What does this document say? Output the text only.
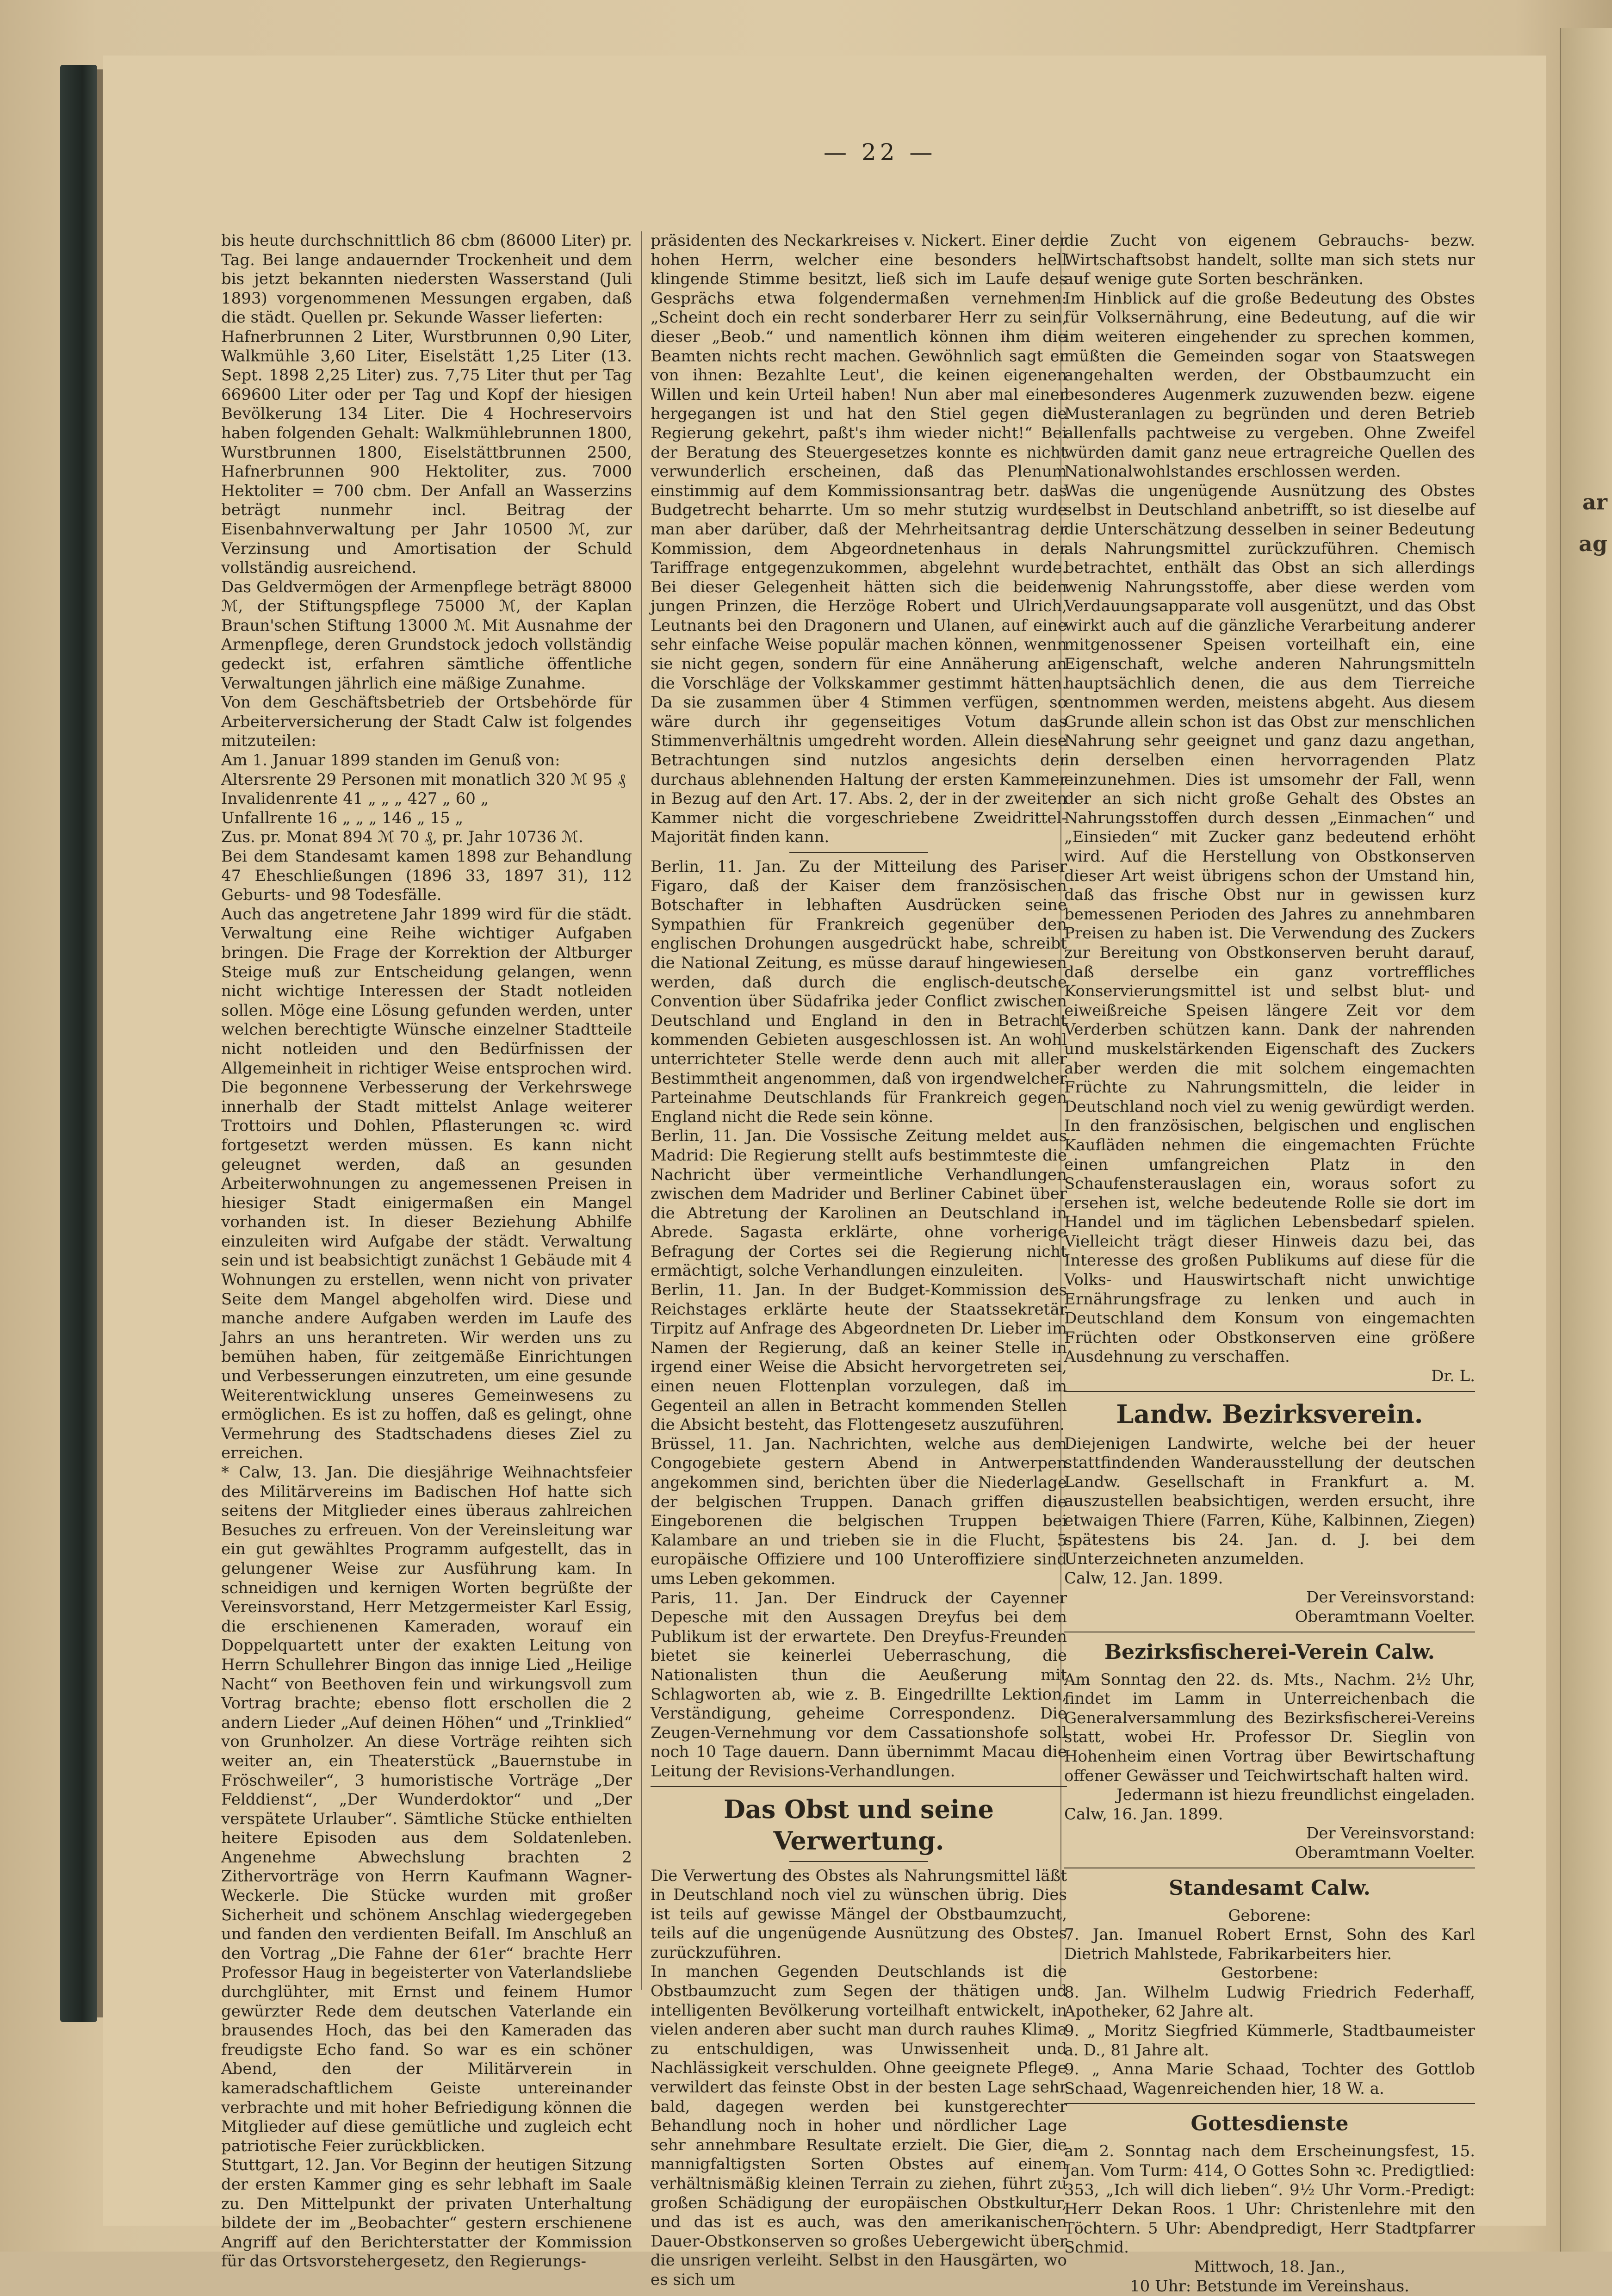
ar
ag
— 22 —

bis heute durchschnittlich 86 cbm (86000 Liter) pr. Tag. Bei lange andauernder Trockenheit und dem bis jetzt bekannten niedersten Wasserstand (Juli 1893) vorgenommenen Messungen ergaben, daß die städt. Quellen pr. Sekunde Wasser lieferten:
Hafnerbrunnen 2 Liter, Wurstbrunnen 0,90 Liter, Walkmühle 3,60 Liter, Eiselstätt 1,25 Liter (13. Sept. 1898 2,25 Liter) zus. 7,75 Liter thut per Tag 669600 Liter oder per Tag und Kopf der hiesigen Bevölkerung 134 Liter. Die 4 Hochreservoirs haben folgenden Gehalt: Walkmühlebrunnen 1800, Wurstbrunnen 1800, Eiselstättbrunnen 2500, Hafnerbrunnen 900 Hektoliter, zus. 7000 Hektoliter = 700 cbm. Der Anfall an Wasserzins beträgt nunmehr incl. Beitrag der Eisenbahnverwaltung per Jahr 10500 ℳ, zur Verzinsung und Amortisation der Schuld vollständig ausreichend.

Das Geldvermögen der Armenpflege beträgt 88000 ℳ, der Stiftungspflege 75000 ℳ, der Kaplan Braun'schen Stiftung 13000 ℳ. Mit Ausnahme der Armenpflege, deren Grundstock jedoch vollständig gedeckt ist, erfahren sämtliche öffentliche Verwaltungen jährlich eine mäßige Zunahme.

Von dem Geschäftsbetrieb der Ortsbehörde für Arbeiterversicherung der Stadt Calw ist folgendes mitzuteilen:

Am 1. Januar 1899 standen im Genuß von:
Altersrente 29 Personen mit monatlich 320 ℳ 95 ₰
Invalidenrente 41 „ „ „ 427 „ 60 „
Unfallrente 16 „ „ „ 146 „ 15 „
Zus. pr. Monat 894 ℳ 70 ₰, pr. Jahr 10736 ℳ.

Bei dem Standesamt kamen 1898 zur Behandlung 47 Eheschließungen (1896 33, 1897 31), 112 Geburts- und 98 Todesfälle.

Auch das angetretene Jahr 1899 wird für die städt. Verwaltung eine Reihe wichtiger Aufgaben bringen. Die Frage der Korrektion der Altburger Steige muß zur Entscheidung gelangen, wenn nicht wichtige Interessen der Stadt notleiden sollen. Möge eine Lösung gefunden werden, unter welchen berechtigte Wünsche einzelner Stadtteile nicht notleiden und den Bedürfnissen der Allgemeinheit in richtiger Weise entsprochen wird. Die begonnene Verbesserung der Verkehrswege innerhalb der Stadt mittelst Anlage weiterer Trottoirs und Dohlen, Pflasterungen ꝛc. wird fortgesetzt werden müssen. Es kann nicht geleugnet werden, daß an gesunden Arbeiterwohnungen zu angemessenen Preisen in hiesiger Stadt einigermaßen ein Mangel vorhanden ist. In dieser Beziehung Abhilfe einzuleiten wird Aufgabe der städt. Verwaltung sein und ist beabsichtigt zunächst 1 Gebäude mit 4 Wohnungen zu erstellen, wenn nicht von privater Seite dem Mangel abgeholfen wird. Diese und manche andere Aufgaben werden im Laufe des Jahrs an uns herantreten. Wir werden uns zu bemühen haben, für zeitgemäße Einrichtungen und Verbesserungen einzutreten, um eine gesunde Weiterentwicklung unseres Gemeinwesens zu ermöglichen. Es ist zu hoffen, daß es gelingt, ohne Vermehrung des Stadtschadens dieses Ziel zu erreichen.

* Calw, 13. Jan. Die diesjährige Weihnachtsfeier des Militärvereins im Badischen Hof hatte sich seitens der Mitglieder eines überaus zahlreichen Besuches zu erfreuen. Von der Vereinsleitung war ein gut gewähltes Programm aufgestellt, das in gelungener Weise zur Ausführung kam. In schneidigen und kernigen Worten begrüßte der Vereinsvorstand, Herr Metzgermeister Karl Essig, die erschienenen Kameraden, worauf ein Doppelquartett unter der exakten Leitung von Herrn Schullehrer Bingon das innige Lied „Heilige Nacht“ von Beethoven fein und wirkungsvoll zum Vortrag brachte; ebenso flott erschollen die 2 andern Lieder „Auf deinen Höhen“ und „Trinklied“ von Grunholzer. An diese Vorträge reihten sich weiter an, ein Theaterstück „Bauernstube in Fröschweiler“, 3 humoristische Vorträge „Der Felddienst“, „Der Wunderdoktor“ und „Der verspätete Urlauber“. Sämtliche Stücke enthielten heitere Episoden aus dem Soldatenleben. Angenehme Abwechslung brachten 2 Zithervorträge von Herrn Kaufmann Wagner-Weckerle. Die Stücke wurden mit großer Sicherheit und schönem Anschlag wiedergegeben und fanden den verdienten Beifall. Im Anschluß an den Vortrag „Die Fahne der 61er“ brachte Herr Professor Haug in begeisterter von Vaterlandsliebe durchglühter, mit Ernst und feinem Humor gewürzter Rede dem deutschen Vaterlande ein brausendes Hoch, das bei den Kameraden das freudigste Echo fand. So war es ein schöner Abend, den der Militärverein in kameradschaftlichem Geiste untereinander verbrachte und mit hoher Befriedigung können die Mitglieder auf diese gemütliche und zugleich echt patriotische Feier zurückblicken.

Stuttgart, 12. Jan. Vor Beginn der heutigen Sitzung der ersten Kammer ging es sehr lebhaft im Saale zu. Den Mittelpunkt der privaten Unterhaltung bildete der im „Beobachter“ gestern erschienene Angriff auf den Berichterstatter der Kommission für das Ortsvorstehergesetz, den Regierungs-

präsidenten des Neckarkreises v. Nickert. Einer der hohen Herrn, welcher eine besonders hell klingende Stimme besitzt, ließ sich im Laufe des Gesprächs etwa folgendermaßen vernehmen: „Scheint doch ein recht sonderbarer Herr zu sein, dieser „Beob.“ und namentlich können ihm die Beamten nichts recht machen. Gewöhnlich sagt er von ihnen: Bezahlte Leut', die keinen eigenen Willen und kein Urteil haben! Nun aber mal einer hergegangen ist und hat den Stiel gegen die Regierung gekehrt, paßt's ihm wieder nicht!“ Bei der Beratung des Steuergesetzes konnte es nicht verwunderlich erscheinen, daß das Plenum einstimmig auf dem Kommissionsantrag betr. das Budgetrecht beharrte. Um so mehr stutzig wurde man aber darüber, daß der Mehrheitsantrag der Kommission, dem Abgeordnetenhaus in der Tariffrage entgegenzukommen, abgelehnt wurde. Bei dieser Gelegenheit hätten sich die beiden jungen Prinzen, die Herzöge Robert und Ulrich, Leutnants bei den Dragonern und Ulanen, auf eine sehr einfache Weise populär machen können, wenn sie nicht gegen, sondern für eine Annäherung an die Vorschläge der Volkskammer gestimmt hätten. Da sie zusammen über 4 Stimmen verfügen, so wäre durch ihr gegenseitiges Votum das Stimmenverhältnis umgedreht worden. Allein diese Betrachtungen sind nutzlos angesichts der durchaus ablehnenden Haltung der ersten Kammer in Bezug auf den Art. 17. Abs. 2, der in der zweiten Kammer nicht die vorgeschriebene Zweidrittel-Majorität finden kann.

Berlin, 11. Jan. Zu der Mitteilung des Pariser Figaro, daß der Kaiser dem französischen Botschafter in lebhaften Ausdrücken seine Sympathien für Frankreich gegenüber den englischen Drohungen ausgedrückt habe, schreibt die National Zeitung, es müsse darauf hingewiesen werden, daß durch die englisch-deutsche Convention über Südafrika jeder Conflict zwischen Deutschland und England in den in Betracht kommenden Gebieten ausgeschlossen ist. An wohl unterrichteter Stelle werde denn auch mit aller Bestimmtheit angenommen, daß von irgendwelcher Parteinahme Deutschlands für Frankreich gegen England nicht die Rede sein könne.

Berlin, 11. Jan. Die Vossische Zeitung meldet aus Madrid: Die Regierung stellt aufs bestimmteste die Nachricht über vermeintliche Verhandlungen zwischen dem Madrider und Berliner Cabinet über die Abtretung der Karolinen an Deutschland in Abrede. Sagasta erklärte, ohne vorherige Befragung der Cortes sei die Regierung nicht ermächtigt, solche Verhandlungen einzuleiten.

Berlin, 11. Jan. In der Budget-Kommission des Reichstages erklärte heute der Staatssekretär Tirpitz auf Anfrage des Abgeordneten Dr. Lieber im Namen der Regierung, daß an keiner Stelle in irgend einer Weise die Absicht hervorgetreten sei, einen neuen Flottenplan vorzulegen, daß im Gegenteil an allen in Betracht kommenden Stellen die Absicht besteht, das Flottengesetz auszuführen.

Brüssel, 11. Jan. Nachrichten, welche aus dem Congogebiete gestern Abend in Antwerpen angekommen sind, berichten über die Niederlage der belgischen Truppen. Danach griffen die Eingeborenen die belgischen Truppen bei Kalambare an und trieben sie in die Flucht, 5 europäische Offiziere und 100 Unteroffiziere sind ums Leben gekommen.

Paris, 11. Jan. Der Eindruck der Cayenner Depesche mit den Aussagen Dreyfus bei dem Publikum ist der erwartete. Den Dreyfus-Freunden bietet sie keinerlei Ueberraschung, die Nationalisten thun die Aeußerung mit Schlagworten ab, wie z. B. Eingedrillte Lektion, Verständigung, geheime Correspondenz. Die Zeugen-Vernehmung vor dem Cassationshofe soll noch 10 Tage dauern. Dann übernimmt Macau die Leitung der Revisions-Verhandlungen.

Das Obst und seine Verwertung.

Die Verwertung des Obstes als Nahrungsmittel läßt in Deutschland noch viel zu wünschen übrig. Dies ist teils auf gewisse Mängel der Obstbaumzucht, teils auf die ungenügende Ausnützung des Obstes zurückzuführen.

In manchen Gegenden Deutschlands ist die Obstbaumzucht zum Segen der thätigen und intelligenten Bevölkerung vorteilhaft entwickelt, in vielen anderen aber sucht man durch rauhes Klima zu entschuldigen, was Unwissenheit und Nachlässigkeit verschulden. Ohne geeignete Pflege verwildert das feinste Obst in der besten Lage sehr bald, dagegen werden bei kunstgerechter Behandlung noch in hoher und nördlicher Lage sehr annehmbare Resultate erzielt. Die Gier, die mannigfaltigsten Sorten Obstes auf einem verhältnismäßig kleinen Terrain zu ziehen, führt zu großen Schädigung der europäischen Obstkultur, und das ist es auch, was den amerikanischen Dauer-Obstkonserven so großes Uebergewicht über die unsrigen verleiht. Selbst in den Hausgärten, wo es sich um

die Zucht von eigenem Gebrauchs- bezw. Wirtschaftsobst handelt, sollte man sich stets nur auf wenige gute Sorten beschränken.

Im Hinblick auf die große Bedeutung des Obstes für Volksernährung, eine Bedeutung, auf die wir im weiteren eingehender zu sprechen kommen, müßten die Gemeinden sogar von Staatswegen angehalten werden, der Obstbaumzucht ein besonderes Augenmerk zuzuwenden bezw. eigene Musteranlagen zu begründen und deren Betrieb allenfalls pachtweise zu vergeben. Ohne Zweifel würden damit ganz neue ertragreiche Quellen des Nationalwohlstandes erschlossen werden.

Was die ungenügende Ausnützung des Obstes selbst in Deutschland anbetrifft, so ist dieselbe auf die Unterschätzung desselben in seiner Bedeutung als Nahrungsmittel zurückzuführen. Chemisch betrachtet, enthält das Obst an sich allerdings wenig Nahrungsstoffe, aber diese werden vom Verdauungsapparate voll ausgenützt, und das Obst wirkt auch auf die gänzliche Verarbeitung anderer mitgenossener Speisen vorteilhaft ein, eine Eigenschaft, welche anderen Nahrungsmitteln hauptsächlich denen, die aus dem Tierreiche entnommen werden, meistens abgeht. Aus diesem Grunde allein schon ist das Obst zur menschlichen Nahrung sehr geeignet und ganz dazu angethan, in derselben einen hervorragenden Platz einzunehmen. Dies ist umsomehr der Fall, wenn der an sich nicht große Gehalt des Obstes an Nahrungsstoffen durch dessen „Einmachen“ und „Einsieden“ mit Zucker ganz bedeutend erhöht wird. Auf die Herstellung von Obstkonserven dieser Art weist übrigens schon der Umstand hin, daß das frische Obst nur in gewissen kurz bemessenen Perioden des Jahres zu annehmbaren Preisen zu haben ist. Die Verwendung des Zuckers zur Bereitung von Obstkonserven beruht darauf, daß derselbe ein ganz vortreffliches Konservierungsmittel ist und selbst blut- und eiweißreiche Speisen längere Zeit vor dem Verderben schützen kann. Dank der nahrenden und muskelstärkenden Eigenschaft des Zuckers aber werden die mit solchem eingemachten Früchte zu Nahrungsmitteln, die leider in Deutschland noch viel zu wenig gewürdigt werden. In den französischen, belgischen und englischen Kaufläden nehmen die eingemachten Früchte einen umfangreichen Platz in den Schaufensterauslagen ein, woraus sofort zu ersehen ist, welche bedeutende Rolle sie dort im Handel und im täglichen Lebensbedarf spielen. Vielleicht trägt dieser Hinweis dazu bei, das Interesse des großen Publikums auf diese für die Volks- und Hauswirtschaft nicht unwichtige Ernährungsfrage zu lenken und auch in Deutschland dem Konsum von eingemachten Früchten oder Obstkonserven eine größere Ausdehnung zu verschaffen.

Dr. L.

Landw. Bezirksverein.

Diejenigen Landwirte, welche bei der heuer stattfindenden Wanderausstellung der deutschen Landw. Gesellschaft in Frankfurt a. M. auszustellen beabsichtigen, werden ersucht, ihre etwaigen Thiere (Farren, Kühe, Kalbinnen, Ziegen) spätestens bis 24. Jan. d. J. bei dem Unterzeichneten anzumelden.

Calw, 12. Jan. 1899.

Der Vereinsvorstand:

Oberamtmann Voelter.

Bezirksfischerei-Verein Calw.

Am Sonntag den 22. ds. Mts., Nachm. 2½ Uhr, findet im Lamm in Unterreichenbach die Generalversammlung des Bezirksfischerei-Vereins statt, wobei Hr. Professor Dr. Sieglin von Hohenheim einen Vortrag über Bewirtschaftung offener Gewässer und Teichwirtschaft halten wird.

Jedermann ist hiezu freundlichst eingeladen.

Calw, 16. Jan. 1899.

Der Vereinsvorstand:

Oberamtmann Voelter.

Standesamt Calw.

Geborene:

7. Jan. Imanuel Robert Ernst, Sohn des Karl Dietrich Mahlstede, Fabrikarbeiters hier.

Gestorbene:

8. Jan. Wilhelm Ludwig Friedrich Federhaff, Apotheker, 62 Jahre alt.
9. „ Moritz Siegfried Kümmerle, Stadtbaumeister a. D., 81 Jahre alt.
9. „ Anna Marie Schaad, Tochter des Gottlob Schaad, Wagenreichenden hier, 18 W. a.

Gottesdienste

am 2. Sonntag nach dem Erscheinungsfest, 15. Jan. Vom Turm: 414, O Gottes Sohn ꝛc. Predigtlied: 353, „Ich will dich lieben“. 9½ Uhr Vorm.-Predigt: Herr Dekan Roos. 1 Uhr: Christenlehre mit den Töchtern. 5 Uhr: Abendpredigt, Herr Stadtpfarrer Schmid.

Mittwoch, 18. Jan.,
10 Uhr: Betstunde im Vereinshaus.
